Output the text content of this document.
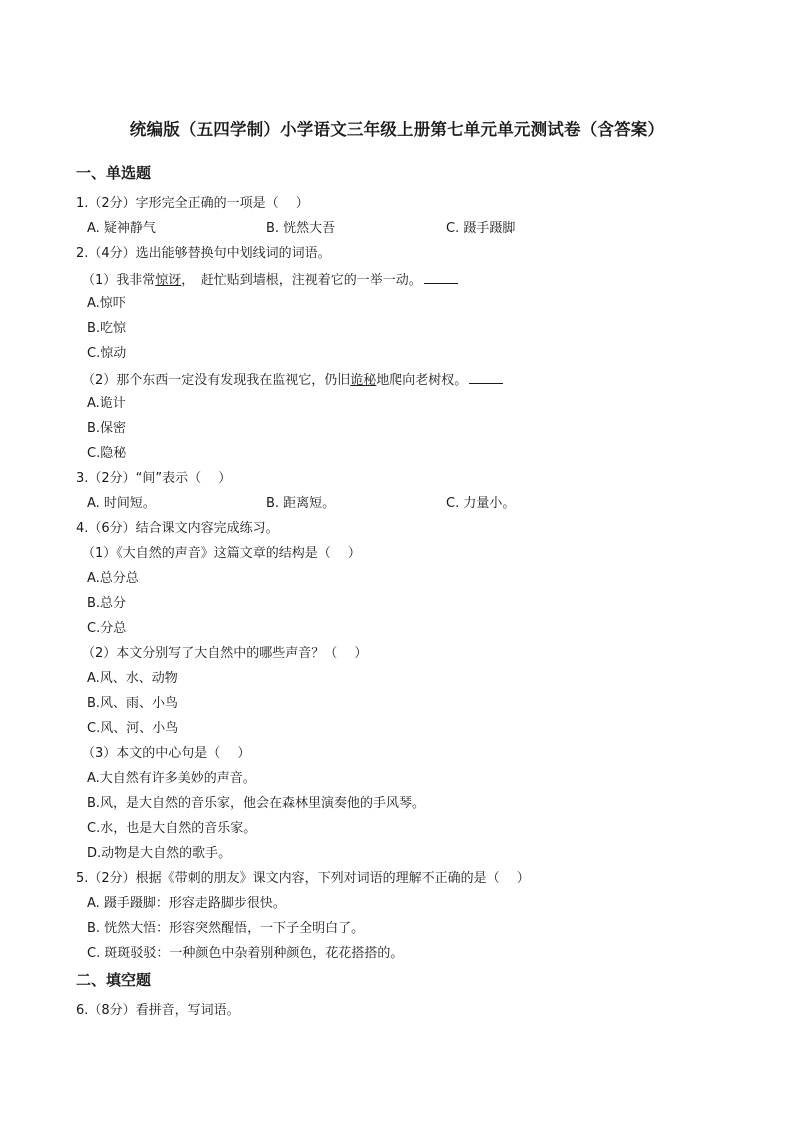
统编版（五四学制）小学语文三年级上册第七单元单元测试卷（含答案）
一、单选题
1.（2分）字形完全正确的一项是（　 ）
A. 疑神静气	B. 恍然大吾	C. 蹑手蹑脚
2.（4分）选出能够替换句中划线词的词语。
（1）我非常惊讶，　赶忙贴到墙根，注视着它的一举一动。
A.惊吓
B.吃惊
C.惊动
（2）那个东西一定没有发现我在监视它，仍旧诡秘地爬向老树杈。
A.诡计
B.保密
C.隐秘
3.（2分）“间”表示（　 ）
A. 时间短。	B. 距离短。	C. 力量小。
4.（6分）结合课文内容完成练习。
（1）《大自然的声音》这篇文章的结构是（　 ）
A.总分总
B.总分
C.分总
（2）本文分别写了大自然中的哪些声音？（　 ）
A.风、水、动物
B.风、雨、小鸟
C.风、河、小鸟
（3）本文的中心句是（　 ）
A.大自然有许多美妙的声音。
B.风，是大自然的音乐家，他会在森林里演奏他的手风琴。
C.水，也是大自然的音乐家。
D.动物是大自然的歌手。
5.（2分）根据《带刺的朋友》课文内容，下列对词语的理解不正确的是（　 ）
A. 蹑手蹑脚：形容走路脚步很快。
B. 恍然大悟：形容突然醒悟，一下子全明白了。
C. 斑斑驳驳：一种颜色中杂着别种颜色，花花搭搭的。
二、填空题
6.（8分）看拼音，写词语。
